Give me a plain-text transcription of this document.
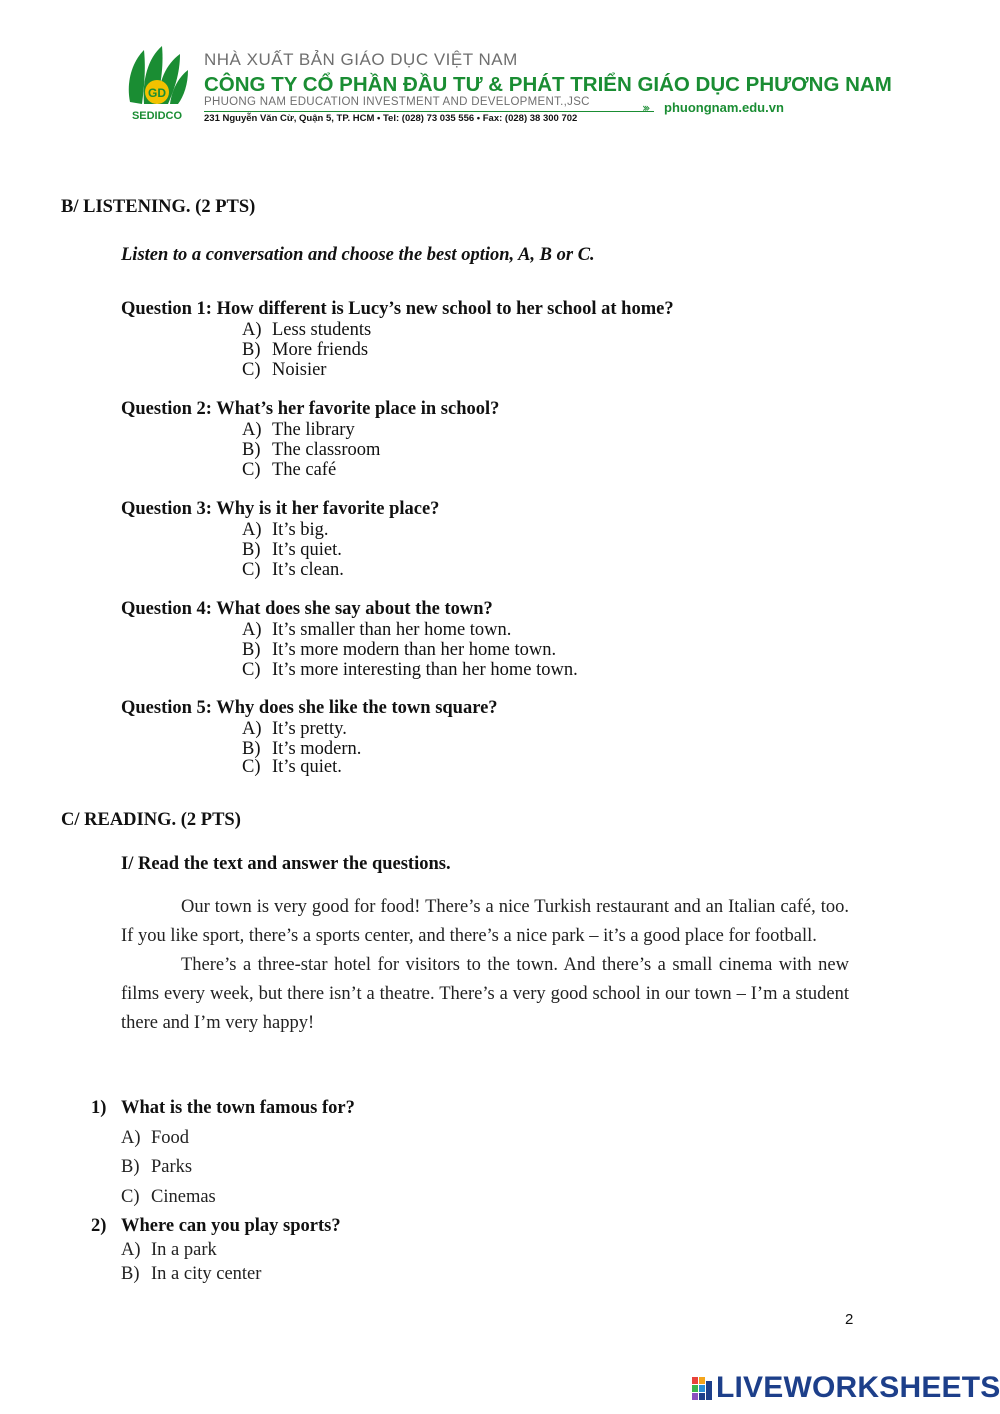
GD
SEDIDCO
NHÀ XUẤT BẢN GIÁO DỤC VIỆT NAM
CÔNG TY CỔ PHẦN ĐẦU TƯ & PHÁT TRIỂN GIÁO DỤC PHƯƠNG NAM
PHUONG NAM EDUCATION INVESTMENT AND DEVELOPMENT.,JSC
231 Nguyễn Văn Cừ, Quận 5, TP. HCM • Tel: (028) 73 035 556 • Fax: (028) 38 300 702
››› phuongnam.edu.vn
B/ LISTENING. (2 PTS)
Listen to a conversation and choose the best option, A, B or C.
Question 1: How different is Lucy’s new school to her school at home?
A) Less students
B) More friends
C) Noisier
Question 2: What’s her favorite place in school?
A) The library
B) The classroom
C) The café
Question 3: Why is it her favorite place?
A) It’s big.
B) It’s quiet.
C) It’s clean.
Question 4: What does she say about the town?
A) It’s smaller than her home town.
B) It’s more modern than her home town.
C) It’s more interesting than her home town.
Question 5: Why does she like the town square?
A) It’s pretty.
B) It’s modern.
C) It’s quiet.
C/ READING. (2 PTS)
I/ Read the text and answer the questions.

Our town is very good for food! There’s a nice Turkish restaurant and an Italian café, too. If you like sport, there’s a sports center, and there’s a nice park – it’s a good place for football.

There’s a three-star hotel for visitors to the town. And there’s a small cinema with new films every week, but there isn’t a theatre. There’s a very good school in our town – I’m a student there and I’m very happy!

1) What is the town famous for?
A) Food
B) Parks
C) Cinemas
2) Where can you play sports?
A) In a park
B) In a city center
2
LIVEWORKSHEETS
